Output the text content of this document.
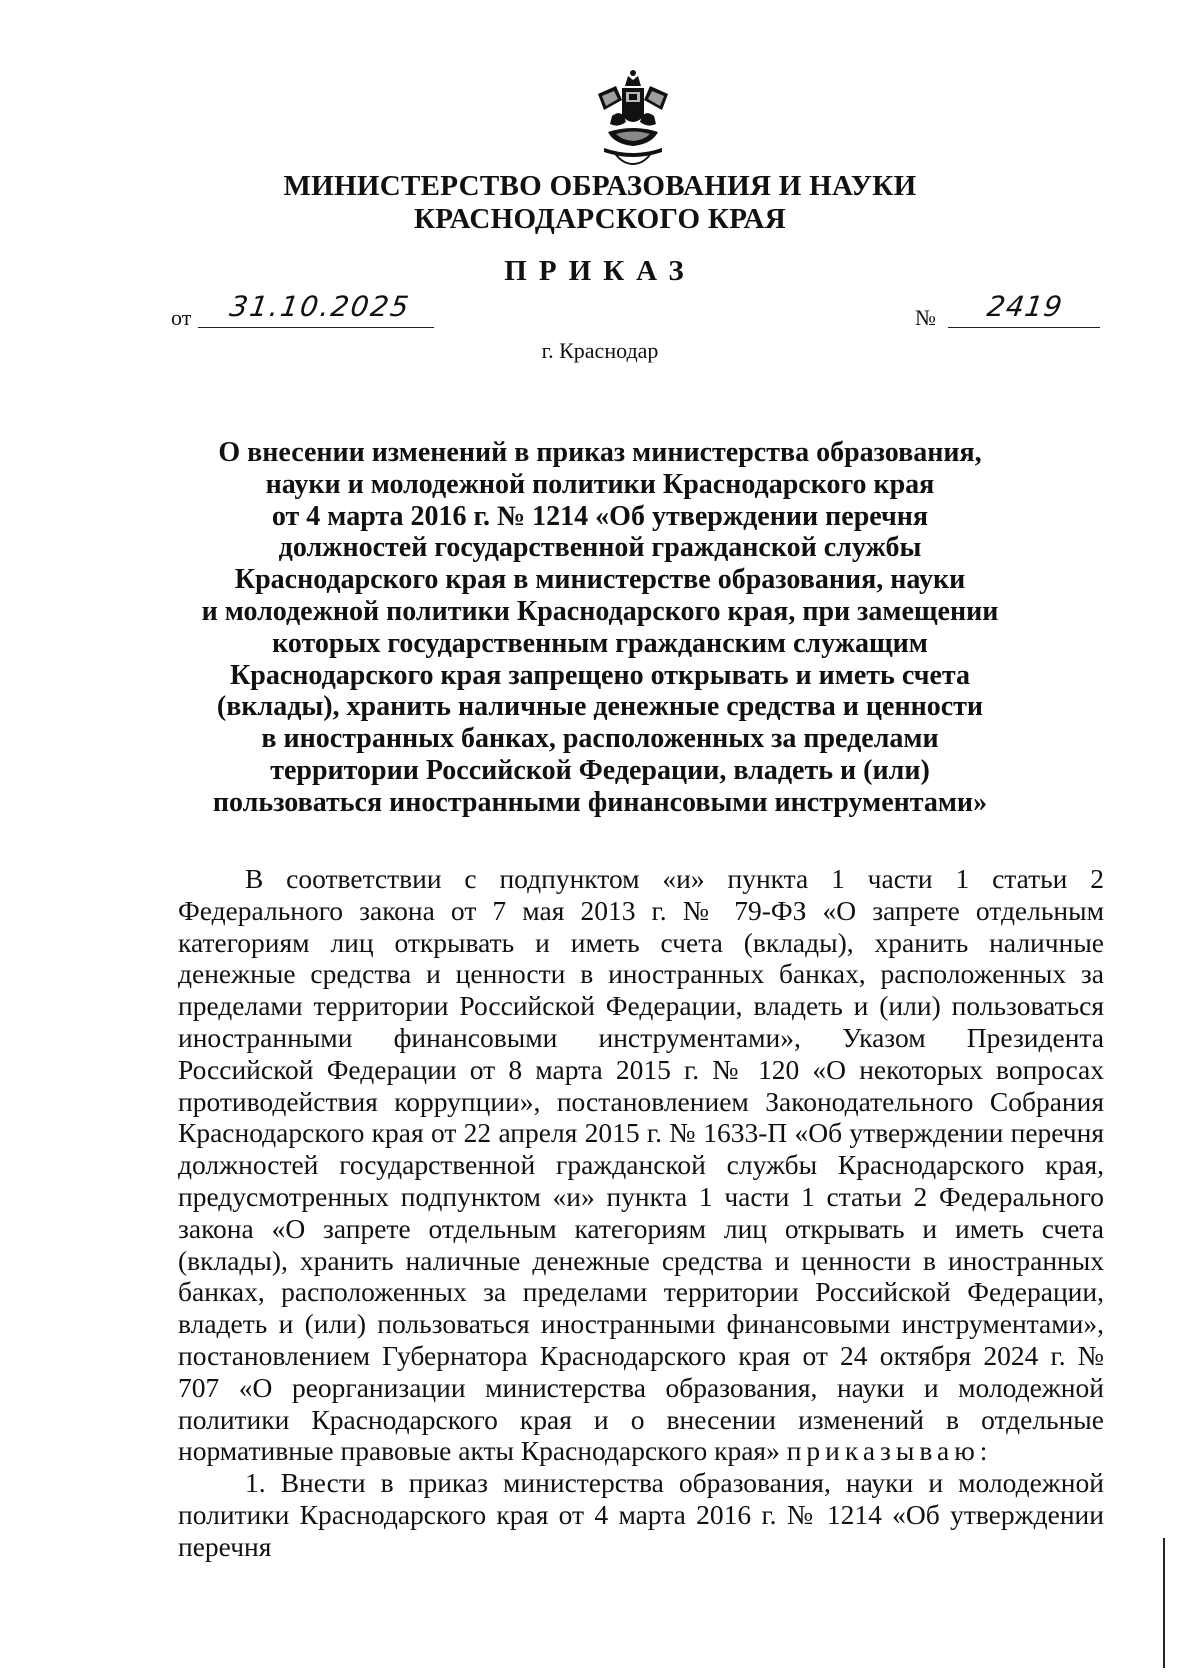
МИНИСТЕРСТВО ОБРАЗОВАНИЯ И НАУКИ
КРАСНОДАРСКОГО КРАЯ
ПРИКАЗ
от 31.10.2025	№	2419
г. Краснодар
О внесении изменений в приказ министерства образования,
науки и молодежной политики Краснодарского края
от 4 марта 2016 г. № 1214 «Об утверждении перечня
должностей государственной гражданской службы
Краснодарского края в министерстве образования, науки
и молодежной политики Краснодарского края, при замещении
которых государственным гражданским служащим
Краснодарского края запрещено открывать и иметь счета
(вклады), хранить наличные денежные средства и ценности
в иностранных банках, расположенных за пределами
территории Российской Федерации, владеть и (или)
пользоваться иностранными финансовыми инструментами»

В соответствии с подпунктом «и» пункта 1 части 1 статьи 2 Федерального закона от 7 мая 2013 г. № 79-ФЗ «О запрете отдельным категориям лиц открывать и иметь счета (вклады), хранить наличные денежные средства и ценности в иностранных банках, расположенных за пределами территории Российской Федерации, владеть и (или) пользоваться иностранными финансовыми инструментами», Указом Президента Российской Федерации от 8 марта 2015 г. № 120 «О некоторых вопросах противодействия коррупции», постановлением Законодательного Собрания Краснодарского края от 22 апреля 2015 г. № 1633-П «Об утверждении перечня должностей государственной гражданской службы Краснодарского края, предусмотренных подпунктом «и» пункта 1 части 1 статьи 2 Федерального закона «О запрете отдельным категориям лиц открывать и иметь счета (вклады), хранить наличные денежные средства и ценности в иностранных банках, расположенных за пределами территории Российской Федерации, владеть и (или) пользоваться иностранными финансовыми инструментами», постановлением Губернатора Краснодарского края от 24 октября 2024 г. № 707 «О реорганизации министерства образования, науки и молодежной политики Краснодарского края и о внесении изменений в отдельные нормативные правовые акты Краснодарского края» приказываю:

1. Внести в приказ министерства образования, науки и молодежной политики Краснодарского края от 4 марта 2016 г. № 1214 «Об утверждении перечня
